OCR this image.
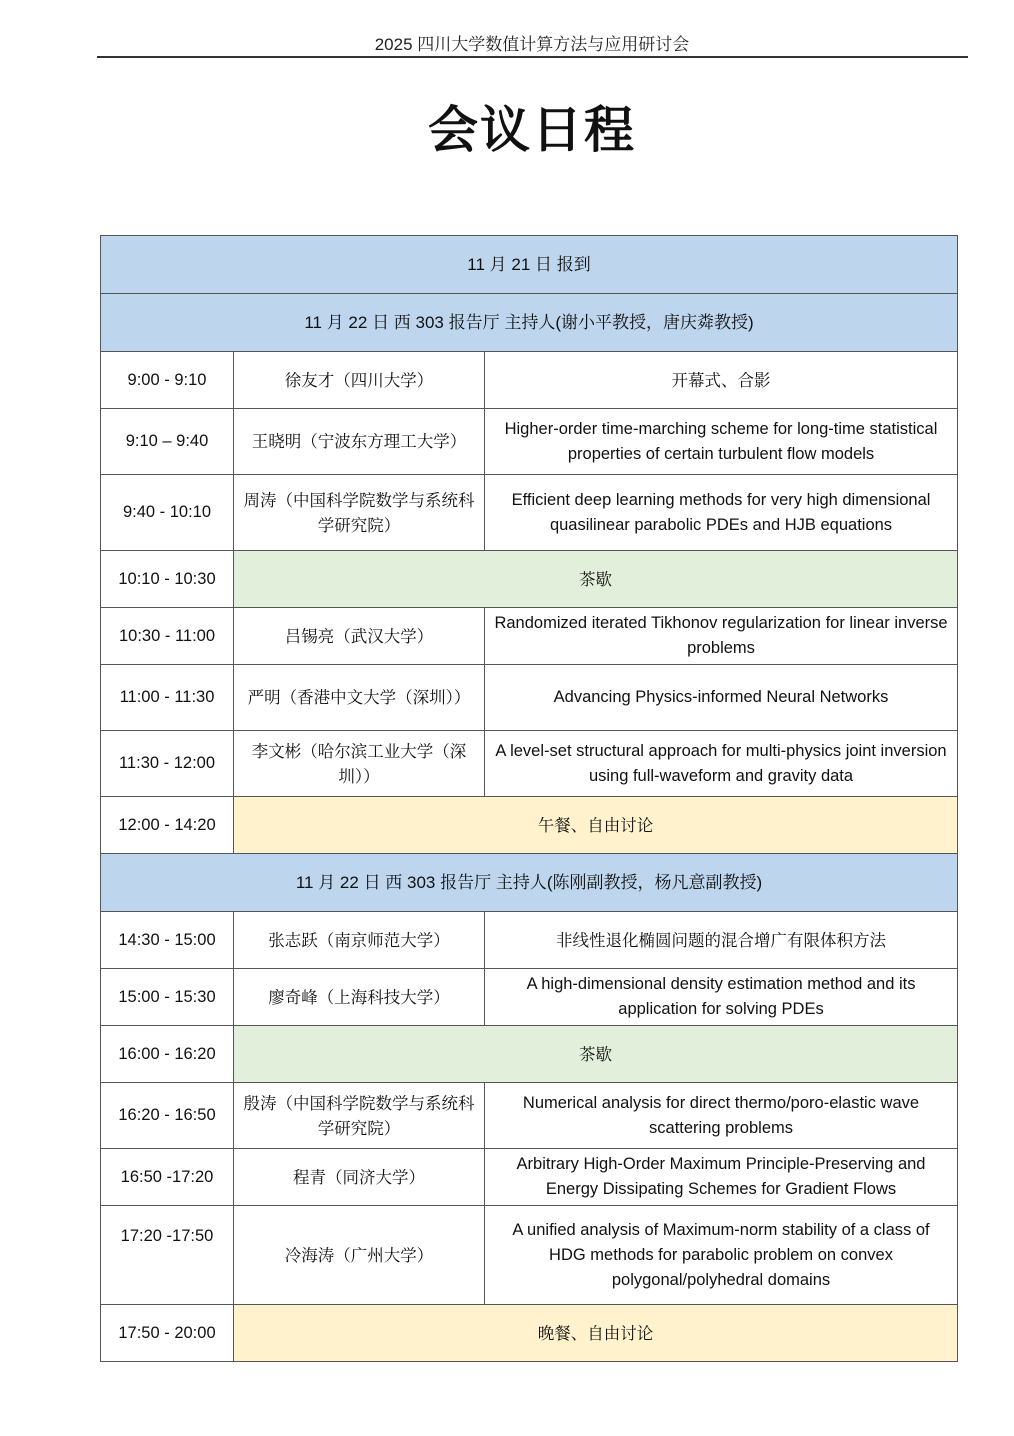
2025 四川大学数值计算方法与应用研讨会
会议日程
11 月 21 日 报到		
11 月 22 日 西 303 报告厅 主持人(谢小平教授，唐庆粦教授)		
9:00 - 9:10	徐友才（四川大学）	开幕式、合影
9:10 – 9:40	王晓明（宁波东方理工大学）	Higher-order time-marching scheme for long-time statistical properties of certain turbulent flow models
9:40 - 10:10	周涛（中国科学院数学与系统科学研究院）	Efficient deep learning methods for very high dimensional quasilinear parabolic PDEs and HJB equations
10:10 - 10:30	茶歇	
10:30 - 11:00	吕锡亮（武汉大学）	Randomized iterated Tikhonov regularization for linear inverse problems
11:00 - 11:30	严明（香港中文大学（深圳））	Advancing Physics-informed Neural Networks
11:30 - 12:00	李文彬（哈尔滨工业大学（深圳））	A level-set structural approach for multi-physics joint inversion using full-waveform and gravity data
12:00 - 14:20	午餐、自由讨论	
11 月 22 日 西 303 报告厅 主持人(陈刚副教授，杨凡意副教授)		
14:30 - 15:00	张志跃（南京师范大学）	非线性退化椭圆问题的混合增广有限体积方法
15:00 - 15:30	廖奇峰（上海科技大学）	A high-dimensional density estimation method and its application for solving PDEs
16:00 - 16:20	茶歇	
16:20 - 16:50	殷涛（中国科学院数学与系统科学研究院）	Numerical analysis for direct thermo/poro-elastic wave scattering problems
16:50 -17:20	程青（同济大学）	Arbitrary High-Order Maximum Principle-Preserving and Energy Dissipating Schemes for Gradient Flows
17:20 -17:50	冷海涛（广州大学）	A unified analysis of Maximum-norm stability of a class of HDG methods for parabolic problem on convex polygonal/polyhedral domains
17:50 - 20:00	晚餐、自由讨论	
